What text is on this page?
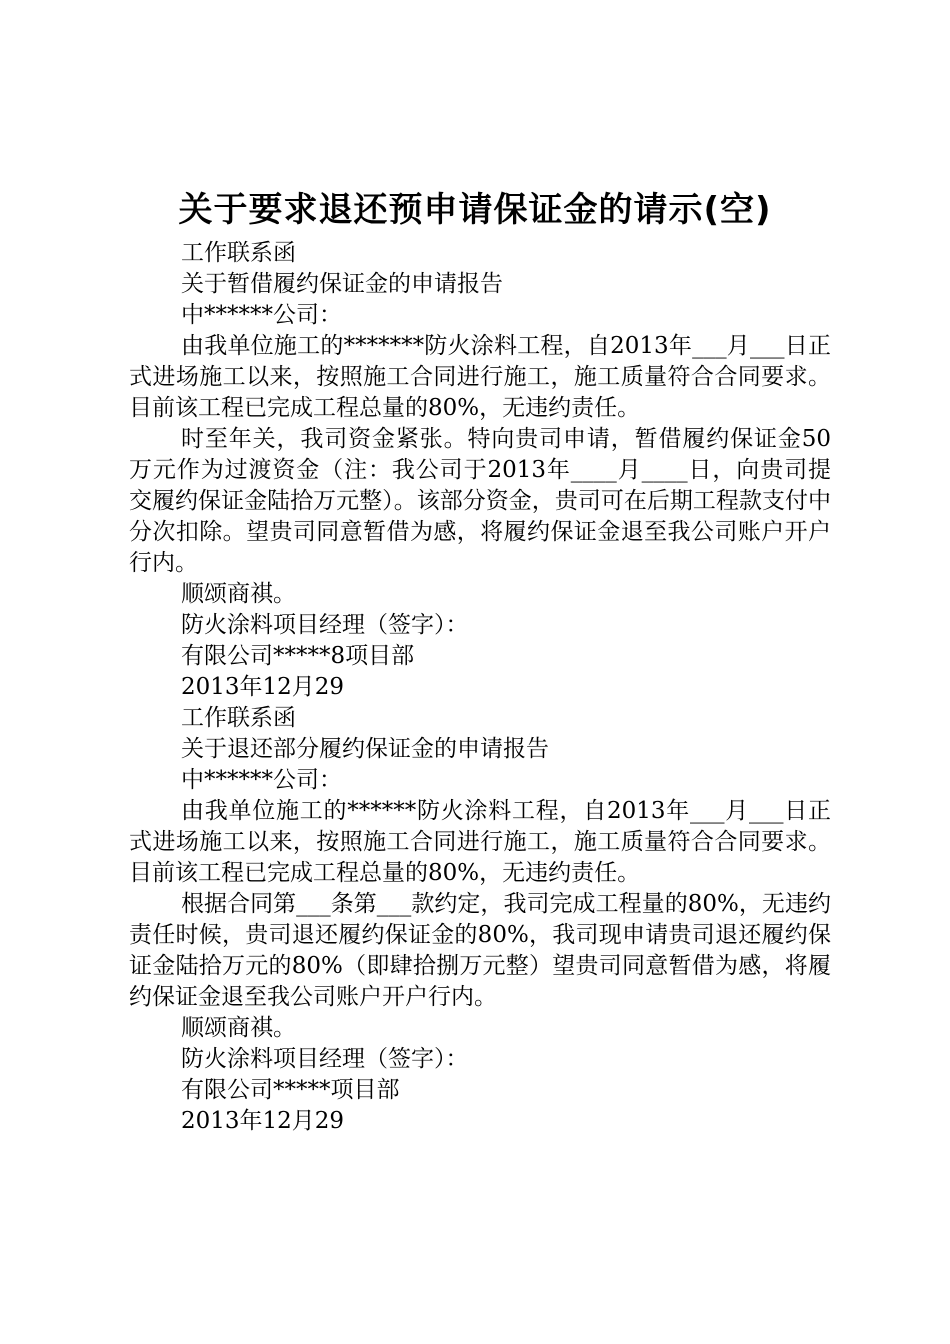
关于要求退还预申请保证金的请示(空)

工作联系函

关于暂借履约保证金的申请报告

中******公司：

由我单位施工的*******防火涂料工程，自2013年___月___日正式进场施工以来，按照施工合同进行施工，施工质量符合合同要求。目前该工程已完成工程总量的80%，无违约责任。

时至年关，我司资金紧张。特向贵司申请，暂借履约保证金50万元作为过渡资金（注：我公司于2013年____月____日，向贵司提交履约保证金陆拾万元整）。该部分资金，贵司可在后期工程款支付中分次扣除。望贵司同意暂借为感，将履约保证金退至我公司账户开户行内。

顺颂商祺。

防火涂料项目经理（签字）：

有限公司*****8项目部

2013年12月29

工作联系函

关于退还部分履约保证金的申请报告

中******公司：

由我单位施工的******防火涂料工程，自2013年___月___日正式进场施工以来，按照施工合同进行施工，施工质量符合合同要求。目前该工程已完成工程总量的80%，无违约责任。

根据合同第___条第___款约定，我司完成工程量的80%，无违约责任时候，贵司退还履约保证金的80%，我司现申请贵司退还履约保证金陆拾万元的80%（即肆拾捌万元整）望贵司同意暂借为感，将履约保证金退至我公司账户开户行内。

顺颂商祺。

防火涂料项目经理（签字）：

有限公司*****项目部

2013年12月29
